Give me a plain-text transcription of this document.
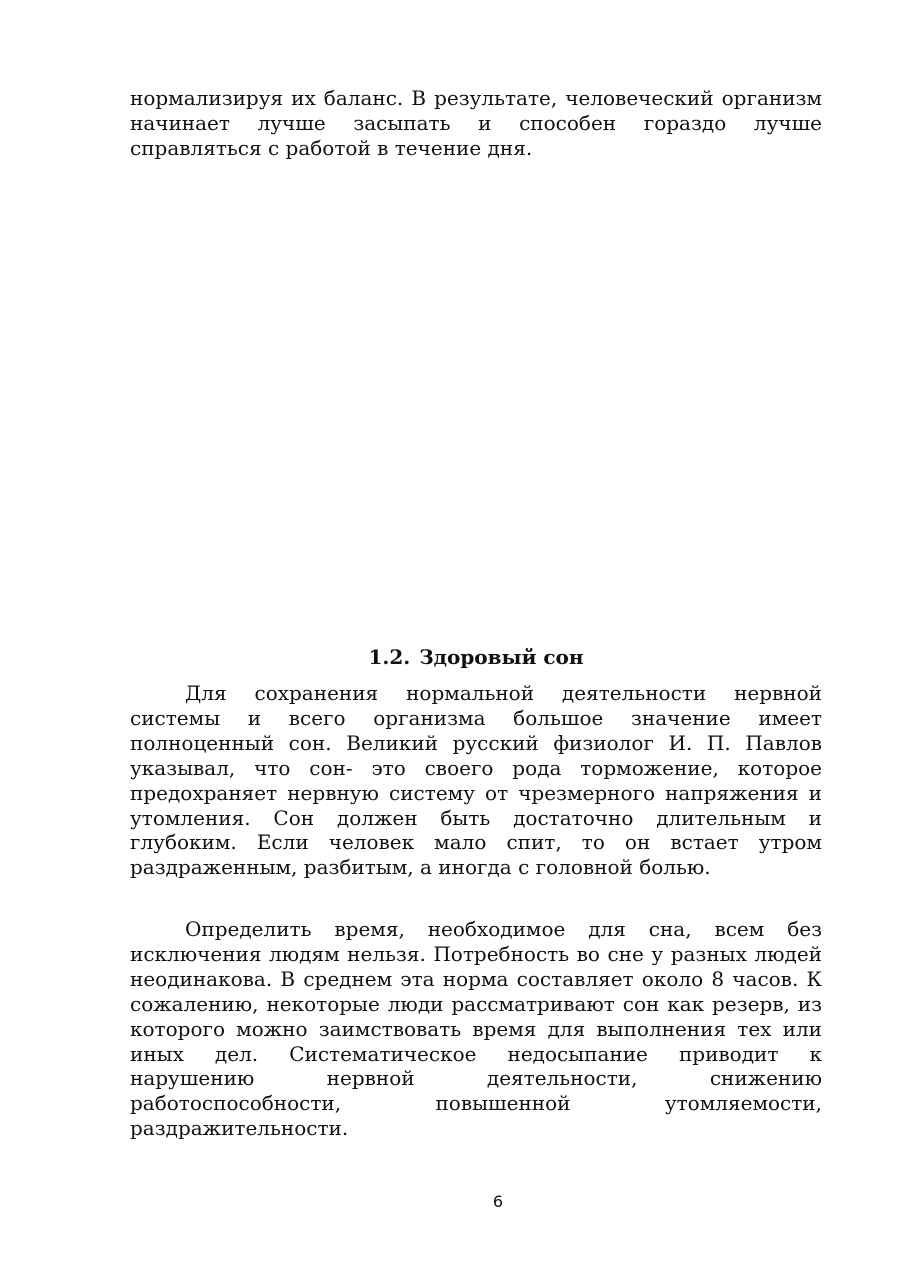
нормализируя их баланс. В результате, человеческий организм начинает лучше засыпать и способен гораздо лучше справляться с работой в течение дня.

1.2. Здоровый сон

Для сохранения нормальной деятельности нервной системы и всего организма большое значение имеет полноценный сон. Великий русский физиолог И. П. Павлов указывал, что сон- это своего рода торможение, которое предохраняет нервную систему от чрезмерного напряжения и утомления. Сон должен быть достаточно длительным и глубоким. Если человек мало спит, то он встает утром раздраженным, разбитым, а иногда с головной болью.

Определить время, необходимое для сна, всем без исключения людям нельзя. Потребность во сне у разных людей неодинакова. В среднем эта норма составляет около 8 часов. К сожалению, некоторые люди рассматривают сон как резерв, из которого можно заимствовать время для выполнения тех или иных дел. Систематическое недосыпание приводит к нарушению нервной деятельности, снижению работоспособности, повышенной утомляемости, раздражительности.

6
